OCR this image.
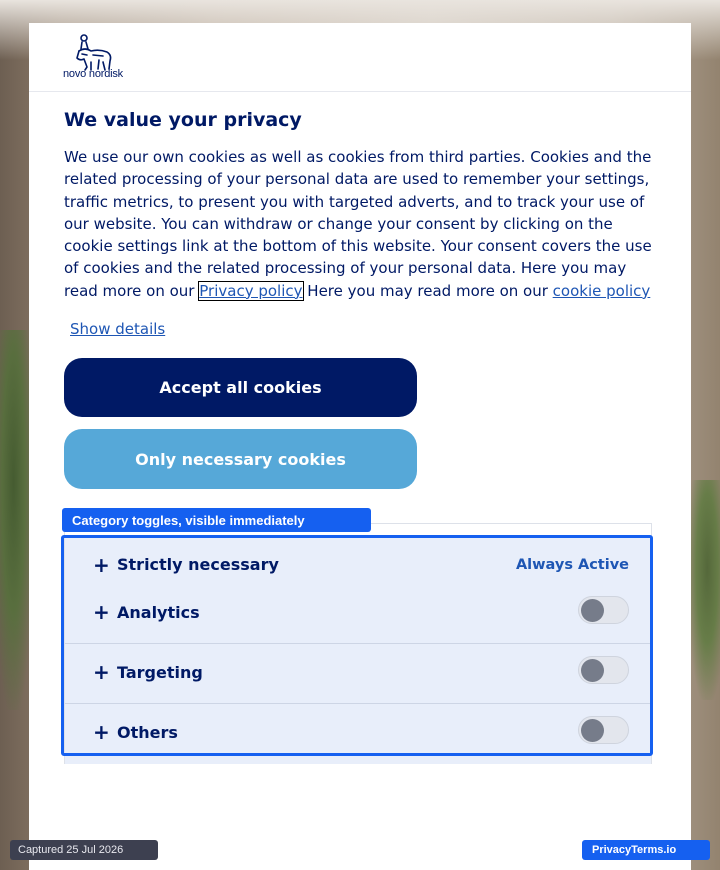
novo nordisk
We value your privacy

We use our own cookies as well as cookies from third parties. Cookies and the related processing of your personal data are used to remember your settings, traffic metrics, to present you with targeted adverts, and to track your use of our website. You can withdraw or change your consent by clicking on the cookie settings link at the bottom of this website. Your consent covers the use of cookies and the related processing of your personal data. Here you may read more on our Privacy policy Here you may read more on our cookie policy

Show details
Accept all cookies
Only necessary cookies
+ Strictly necessary	Always Active
+ Analytics
+ Targeting
+ Others
Category toggles, visible immediately
Captured 25 Jul 2026	PrivacyTerms.io
